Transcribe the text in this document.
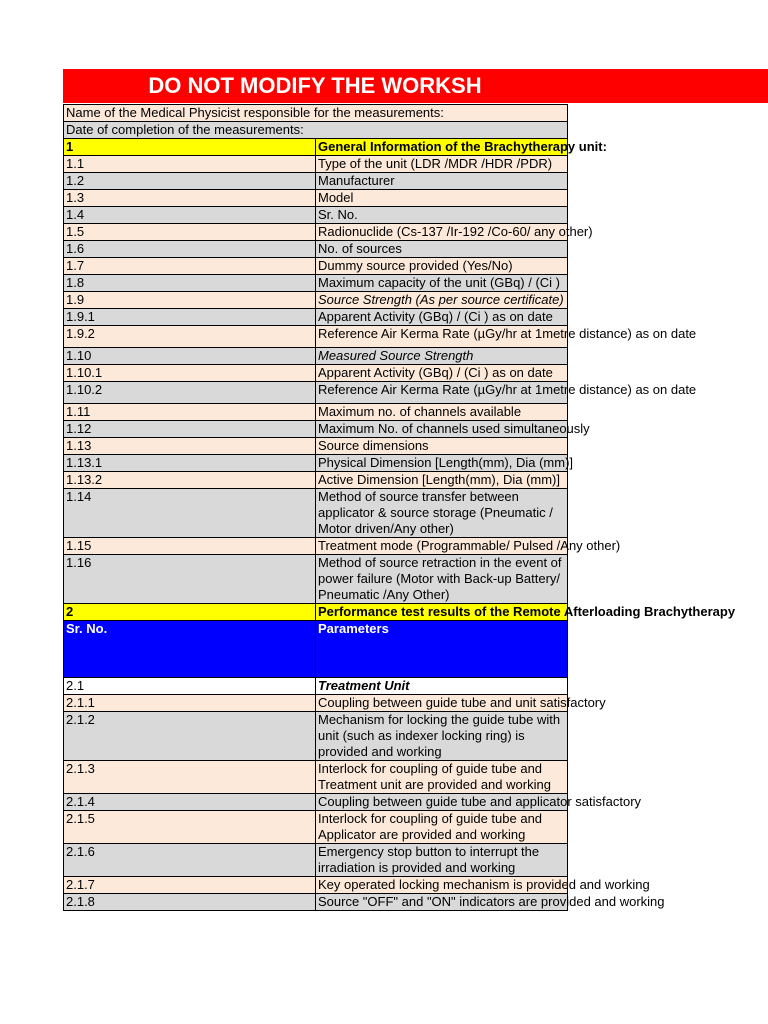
DO NOT MODIFY THE WORKSH
Name of the Medical Physicist responsible for the measurements:	
Date of completion of the measurements:	
1	General Information of the Brachytherapy unit:
1.1	Type of the unit (LDR /MDR /HDR /PDR)
1.2	Manufacturer
1.3	Model
1.4	Sr. No.
1.5	Radionuclide (Cs-137 /Ir-192 /Co-60/ any other)
1.6	No. of sources
1.7	Dummy source provided (Yes/No)
1.8	Maximum capacity of the unit (GBq) / (Ci )
1.9	Source Strength (As per source certificate)
1.9.1	Apparent Activity (GBq) / (Ci ) as on date
1.9.2	Reference Air Kerma Rate (µGy/hr at 1metre distance) as on date
1.10	Measured Source Strength
1.10.1	Apparent Activity (GBq) / (Ci ) as on date
1.10.2	Reference Air Kerma Rate (µGy/hr at 1metre distance) as on date
1.11	Maximum no. of channels available
1.12	Maximum No. of channels used simultaneously
1.13	Source dimensions
1.13.1	Physical Dimension [Length(mm), Dia (mm)]
1.13.2	Active Dimension [Length(mm), Dia (mm)]
1.14	Method of source transfer between applicator & source storage (Pneumatic / Motor driven/Any other)
1.15	Treatment mode (Programmable/ Pulsed /Any other)
1.16	Method of source retraction in the event of power failure (Motor with Back-up Battery/ Pneumatic /Any Other)
2	Performance test results of the Remote Afterloading Brachytherapy
Sr. No.	Parameters
2.1	Treatment Unit
2.1.1	Coupling between guide tube and unit satisfactory
2.1.2	Mechanism for locking the guide tube with unit (such as indexer locking ring) is provided and working
2.1.3	Interlock for coupling of guide tube and Treatment unit are provided and working
2.1.4	Coupling between guide tube and applicator satisfactory
2.1.5	Interlock for coupling of guide tube and Applicator are provided and working
2.1.6	Emergency stop button to interrupt the irradiation is provided and working
2.1.7	Key operated locking mechanism is provided and working
2.1.8	Source "OFF" and "ON" indicators are provided and working
